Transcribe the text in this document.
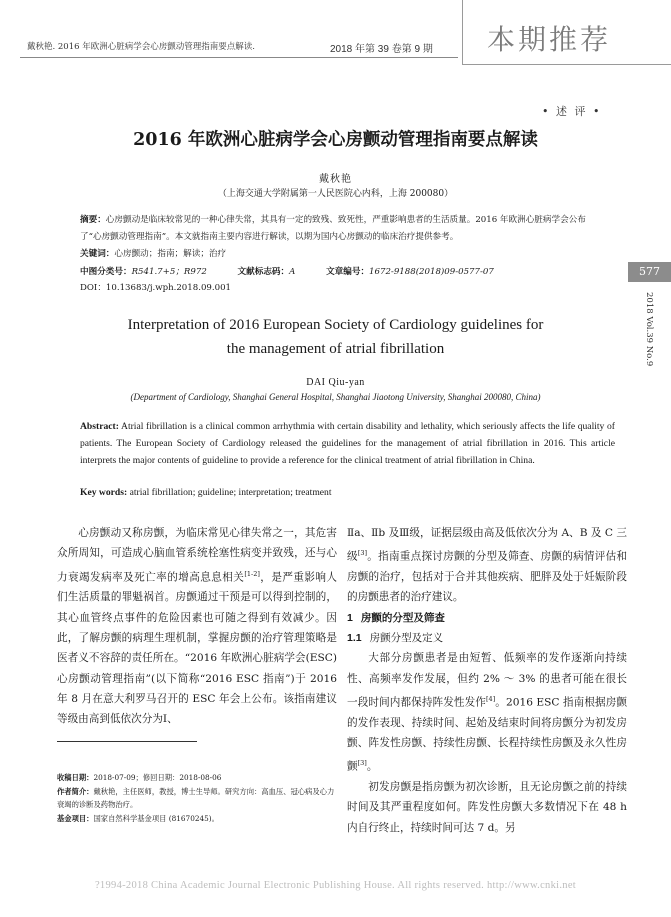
戴秋艳. 2016 年欧洲心脏病学会心房颤动管理指南要点解读.	2018 年第 39 卷第 9 期 本期推荐
• 述 评 •
2016 年欧洲心脏病学会心房颤动管理指南要点解读
戴秋艳
（上海交通大学附属第一人民医院心内科，上海 200080）
摘要：心房颤动是临床较常见的一种心律失常，其具有一定的致残、致死性，严重影响患者的生活质量。2016 年欧洲心脏病学会公布了“心房颤动管理指南”。本文就指南主要内容进行解读，以期为国内心房颤动的临床治疗提供参考。
关键词：心房颤动；指南；解读；治疗
中图分类号：R541.7+5；R972	文献标志码：A	文章编号：1672-9188(2018)09-0577-07
DOI：10.13683/j.wph.2018.09.001
577
2018 Vol.39 No.9
Interpretation of 2016 European Society of Cardiology guidelines for
the management of atrial fibrillation
DAI Qiu-yan
(Department of Cardiology, Shanghai General Hospital, Shanghai Jiaotong University, Shanghai 200080, China)
Abstract: Atrial fibrillation is a clinical common arrhythmia with certain disability and lethality, which seriously affects the life quality of patients. The European Society of Cardiology released the guidelines for the management of atrial fibrillation in 2016. This article interprets the major contents of guideline to provide a reference for the clinical treatment of atrial fibrillation in China.
Key words: atrial fibrillation; guideline; interpretation; treatment

心房颤动又称房颤，为临床常见心律失常之一，其危害众所周知，可造成心脑血管系统栓塞性病变并致残，还与心力衰竭发病率及死亡率的增高息息相关[1-2]，是严重影响人们生活质量的罪魁祸首。房颤通过干预是可以得到控制的，其心血管终点事件的危险因素也可随之得到有效减少。因此，了解房颤的病理生理机制，掌握房颤的治疗管理策略是医者义不容辞的责任所在。“2016 年欧洲心脏病学会(ESC) 心房颤动管理指南”(以下简称“2016 ESC 指南”)于 2016 年 8 月在意大利罗马召开的 ESC 年会上公布。该指南建议等级由高到低依次分为Ⅰ、

Ⅱa、Ⅱb 及Ⅲ级，证据层级由高及低依次分为 A、B 及 C 三级[3]。指南重点探讨房颤的分型及筛查、房颤的病情评估和房颤的治疗，包括对于合并其他疾病、肥胖及处于妊娠阶段的房颤患者的治疗建议。

1 房颤的分型及筛查

1.1 房颤分型及定义

大部分房颤患者是由短暂、低频率的发作逐渐向持续性、高频率发作发展，但约 2% ～ 3% 的患者可能在很长一段时间内都保持阵发性发作[4]。2016 ESC 指南根据房颤的发作表现、持续时间、起始及结束时间将房颤分为初发房颤、阵发性房颤、持续性房颤、长程持续性房颤及永久性房颤[3]。

初发房颤是指房颤为初次诊断，且无论房颤之前的持续时间及其严重程度如何。阵发性房颤大多数情况下在 48 h 内自行终止，持续时间可达 7 d。另

收稿日期：2018-07-09；修回日期：2018-08-06
作者简介：戴秋艳，主任医师，教授，博士生导师。研究方向：高血压、冠心病及心力衰竭的诊断及药物治疗。
基金项目：国家自然科学基金项目 (81670245)。
?1994-2018 China Academic Journal Electronic Publishing House. All rights reserved. http://www.cnki.net
